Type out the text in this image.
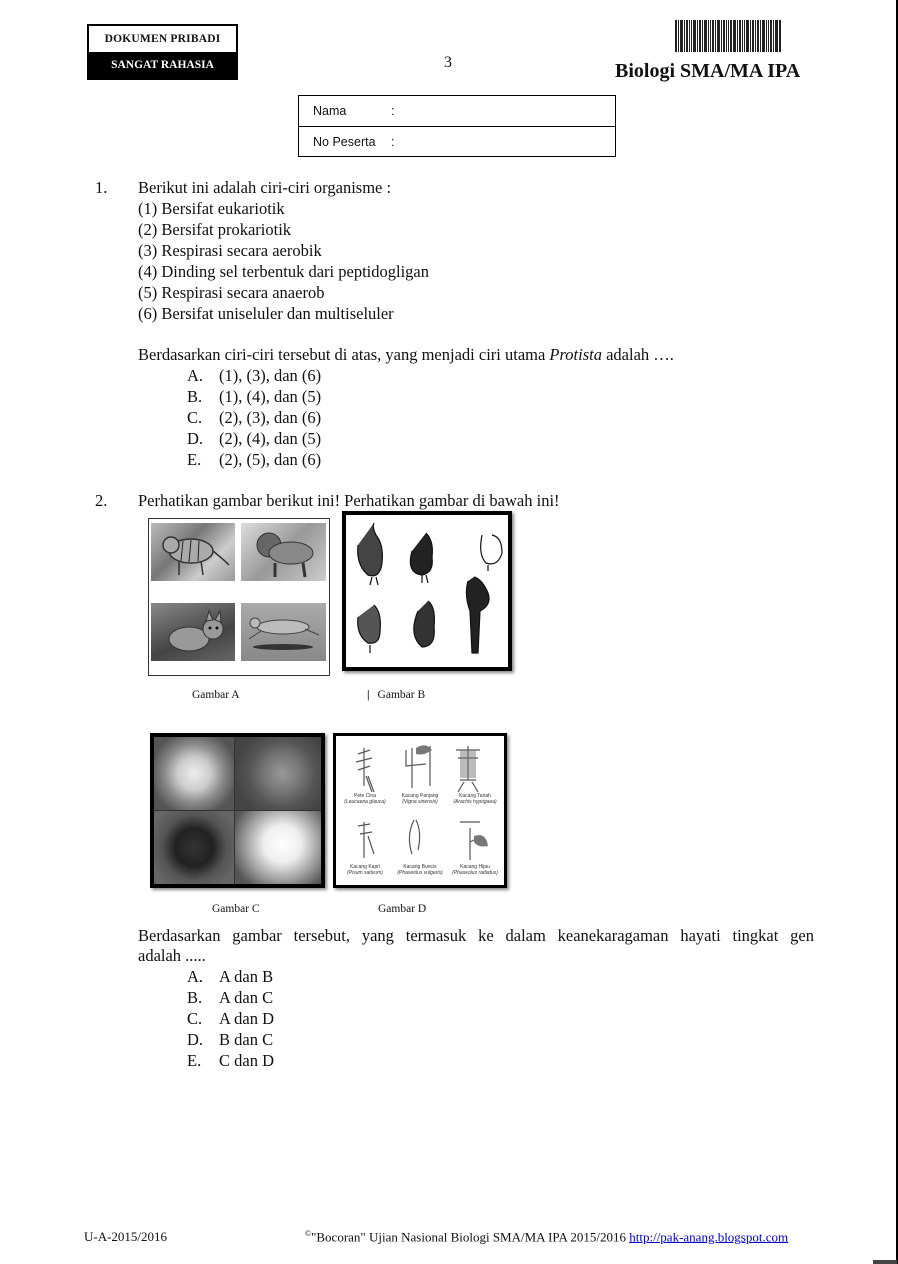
DOKUMEN PRIBADI
SANGAT RAHASIA	3	Biologi SMA/MA IPA
Nama	:
No Peserta	:
1. Berikut ini adalah ciri-ciri organisme :
(1) Bersifat eukariotik
(2) Bersifat prokariotik
(3) Respirasi secara aerobik
(4) Dinding sel terbentuk dari peptidogligan
(5) Respirasi secara anaerob
(6) Bersifat uniseluler dan multiseluler
Berdasarkan ciri-ciri tersebut di atas, yang menjadi ciri utama Protista adalah ….
A. (1), (3), dan (6)
B. (1), (4), dan (5)
C. (2), (3), dan (6)
D. (2), (4), dan (5)
E. (2), (5), dan (6)
2. Perhatikan gambar berikut ini! Perhatikan gambar di bawah ini!
Gambar A	| Gambar B
Gambar C
Pete Cina
(Leucaena glauca)
Kacang Panjang
(Vigna sinensis)
Kacang Tanah
(Arachis hypogaea)
Kacang Kapri
(Pisum sativum)
Kacang Buncis
(Phaseolus vulgaris)
Kacang Hijau
(Phaseolus radiatus)
Gambar D
Berdasarkan gambar tersebut, yang termasuk ke dalam keanekaragaman hayati tingkat gen
adalah .....
A. A dan B
B. A dan C
C. A dan D
D. B dan C
E. C dan D
U-A-2015/2016	©"Bocoran" Ujian Nasional Biologi SMA/MA IPA 2015/2016 http://pak-anang.blogspot.com
